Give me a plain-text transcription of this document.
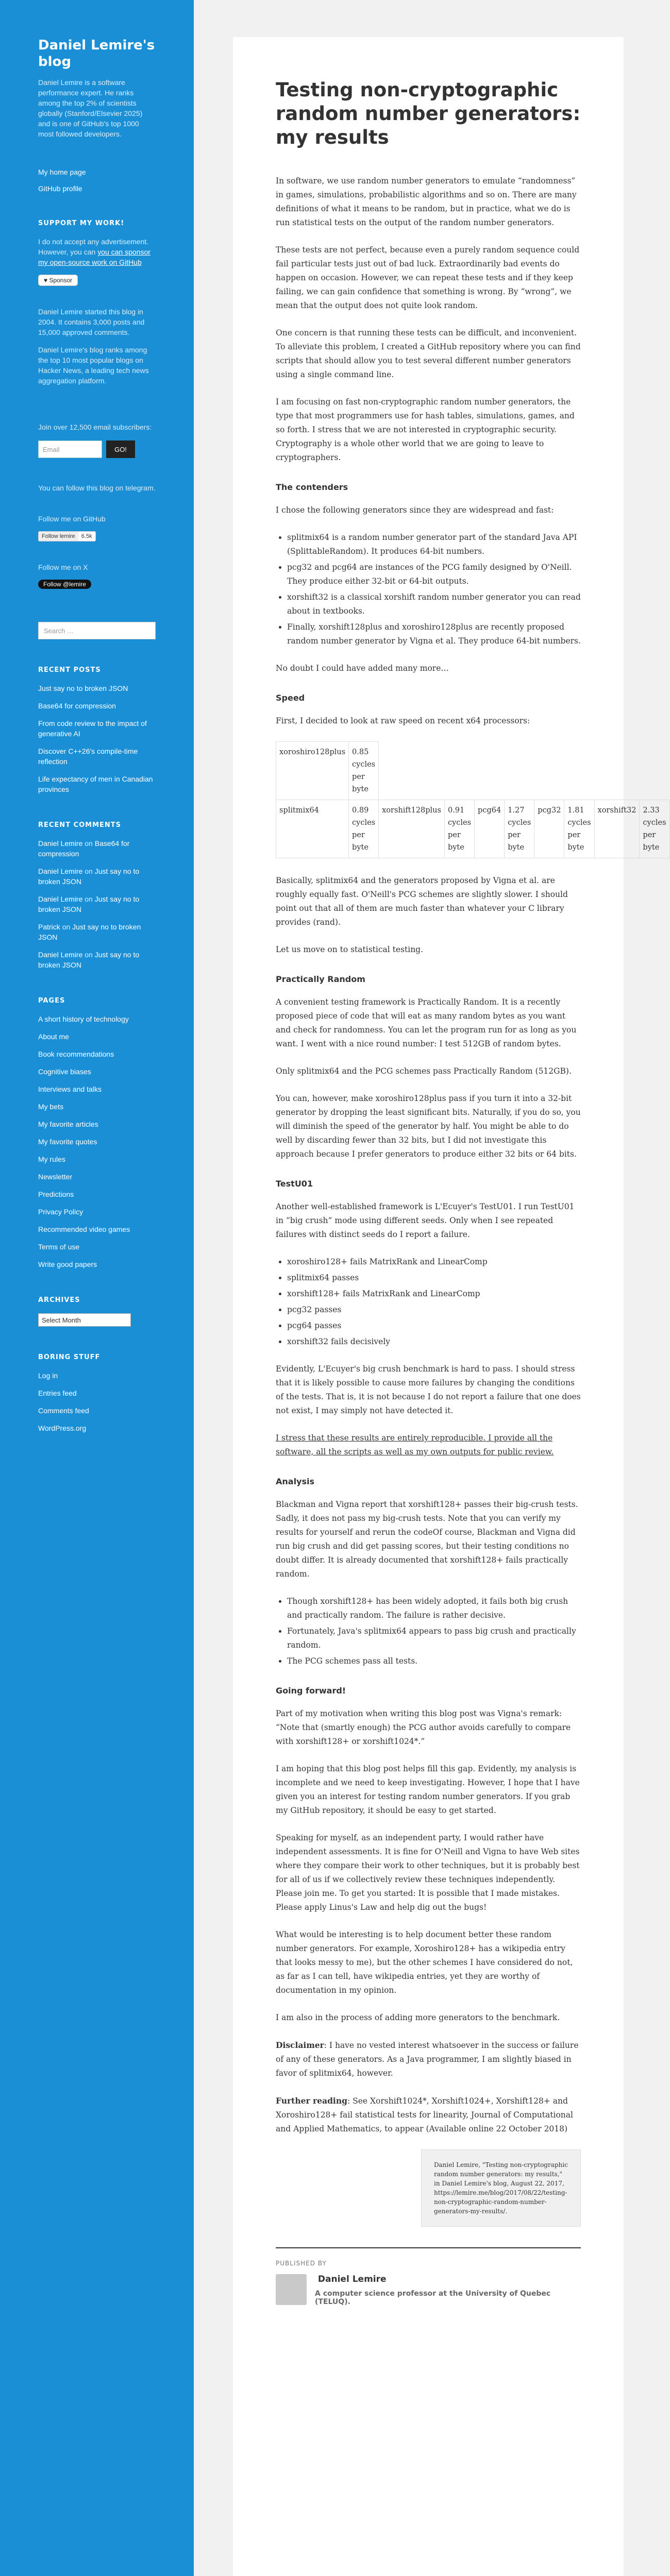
Daniel Lemire's blog
Daniel Lemire is a software performance expert. He ranks among the top 2% of scientists globally (Stanford/Elsevier 2025) and is one of GitHub's top 1000 most followed developers.
My home page
GitHub profile
SUPPORT MY WORK!
I do not accept any advertisement. However, you can you can sponsor my open-source work on GitHub
♥ Sponsor
Daniel Lemire started this blog in 2004. It contains 3,000 posts and 15,000 approved comments.
Daniel Lemire's blog ranks among the top 10 most popular blogs on Hacker News, a leading tech news aggregation platform.
Join over 12,500 email subscribers:
Email	GO!
You can follow this blog on telegram.
Follow me on GitHub
Follow lemire	6.5k
Follow me on X
Follow @lemire
Search …
RECENT POSTS
Just say no to broken JSON
Base64 for compression
From code review to the impact of generative AI
Discover C++26's compile-time reflection
Life expectancy of men in Canadian provinces
RECENT COMMENTS
Daniel Lemire on Base64 for compression
Daniel Lemire on Just say no to broken JSON
Daniel Lemire on Just say no to broken JSON
Patrick on Just say no to broken JSON
Daniel Lemire on Just say no to broken JSON
PAGES
A short history of technology
About me
Book recommendations
Cognitive biases
Interviews and talks
My bets
My favorite articles
My favorite quotes
My rules
Newsletter
Predictions
Privacy Policy
Recommended video games
Terms of use
Write good papers
ARCHIVES
Select Month
BORING STUFF
Log in
Entries feed
Comments feed
WordPress.org
Testing non-cryptographic random number generators: my results

In software, we use random number generators to emulate “randomness” in games, simulations, probabilistic algorithms and so on. There are many definitions of what it means to be random, but in practice, what we do is run statistical tests on the output of the random number generators.

These tests are not perfect, because even a purely random sequence could fail particular tests just out of bad luck. Extraordinarily bad events do happen on occasion. However, we can repeat these tests and if they keep failing, we can gain confidence that something is wrong. By “wrong”, we mean that the output does not quite look random.

One concern is that running these tests can be difficult, and inconvenient. To alleviate this problem, I created a GitHub repository where you can find scripts that should allow you to test several different number generators using a single command line.

I am focusing on fast non-cryptographic random number generators, the type that most programmers use for hash tables, simulations, games, and so forth. I stress that we are not interested in cryptographic security. Cryptography is a whole other world that we are going to leave to cryptographers.

The contenders

I chose the following generators since they are widespread and fast:

• splitmix64 is a random number generator part of the standard Java API (SplittableRandom). It produces 64-bit numbers.
• pcg32 and pcg64 are instances of the PCG family designed by O'Neill. They produce either 32-bit or 64-bit outputs.
• xorshift32 is a classical xorshift random number generator you can read about in textbooks.
• Finally, xorshift128plus and xoroshiro128plus are recently proposed random number generator by Vigna et al. They produce 64-bit numbers.

No doubt I could have added many more…

Speed

First, I decided to look at raw speed on recent x64 processors:

xoroshiro128plus	0.85 cycles per byte								
splitmix64	0.89 cycles per byte	xorshift128plus	0.91 cycles per byte	pcg64	1.27 cycles per byte	pcg32	1.81 cycles per byte	xorshift32	2.33 cycles per byte

Basically, splitmix64 and the generators proposed by Vigna et al. are roughly equally fast. O'Neill's PCG schemes are slightly slower. I should point out that all of them are much faster than whatever your C library provides (rand).

Let us move on to statistical testing.

Practically Random

A convenient testing framework is Practically Random. It is a recently proposed piece of code that will eat as many random bytes as you want and check for randomness. You can let the program run for as long as you want. I went with a nice round number: I test 512GB of random bytes.

Only splitmix64 and the PCG schemes pass Practically Random (512GB).

You can, however, make xoroshiro128plus pass if you turn it into a 32-bit generator by dropping the least significant bits. Naturally, if you do so, you will diminish the speed of the generator by half. You might be able to do well by discarding fewer than 32 bits, but I did not investigate this approach because I prefer generators to produce either 32 bits or 64 bits.

TestU01

Another well-established framework is L'Ecuyer's TestU01. I run TestU01 in “big crush” mode using different seeds. Only when I see repeated failures with distinct seeds do I report a failure.

• xoroshiro128+ fails MatrixRank and LinearComp
• splitmix64 passes
• xorshift128+ fails MatrixRank and LinearComp
• pcg32 passes
• pcg64 passes
• xorshift32 fails decisively

Evidently, L'Ecuyer's big crush benchmark is hard to pass. I should stress that it is likely possible to cause more failures by changing the conditions of the tests. That is, it is not because I do not report a failure that one does not exist, I may simply not have detected it.

I stress that these results are entirely reproducible. I provide all the software, all the scripts as well as my own outputs for public review.

Analysis

Blackman and Vigna report that xorshift128+ passes their big-crush tests. Sadly, it does not pass my big-crush tests. Note that you can verify my results for yourself and rerun the codeOf course, Blackman and Vigna did run big crush and did get passing scores, but their testing conditions no doubt differ. It is already documented that xorshift128+ fails practically random.

• Though xorshift128+ has been widely adopted, it fails both big crush and practically random. The failure is rather decisive.
• Fortunately, Java's splitmix64 appears to pass big crush and practically random.
• The PCG schemes pass all tests.
Going forward!

Part of my motivation when writing this blog post was Vigna's remark: “Note that (smartly enough) the PCG author avoids carefully to compare with xorshift128+ or xorshift1024*.”

I am hoping that this blog post helps fill this gap. Evidently, my analysis is incomplete and we need to keep investigating. However, I hope that I have given you an interest for testing random number generators. If you grab my GitHub repository, it should be easy to get started.

Speaking for myself, as an independent party, I would rather have independent assessments. It is fine for O'Neill and Vigna to have Web sites where they compare their work to other techniques, but it is probably best for all of us if we collectively review these techniques independently. Please join me. To get you started: It is possible that I made mistakes. Please apply Linus's Law and help dig out the bugs!

What would be interesting is to help document better these random number generators. For example, Xoroshiro128+ has a wikipedia entry that looks messy to me), but the other schemes I have considered do not, as far as I can tell, have wikipedia entries, yet they are worthy of documentation in my opinion.

I am also in the process of adding more generators to the benchmark.

Disclaimer: I have no vested interest whatsoever in the success or failure of any of these generators. As a Java programmer, I am slightly biased in favor of splitmix64, however.

Further reading: See Xorshift1024*, Xorshift1024+, Xorshift128+ and Xoroshiro128+ fail statistical tests for linearity, Journal of Computational and Applied Mathematics, to appear (Available online 22 October 2018)

Daniel Lemire, "Testing non-cryptographic random number generators: my results," in Daniel Lemire's blog, August 22, 2017, https://lemire.me/blog/2017/08/22/testing-non-cryptographic-random-number-generators-my-results/.
PUBLISHED BY
Daniel Lemire
A computer science professor at the University of Quebec (TELUQ).
